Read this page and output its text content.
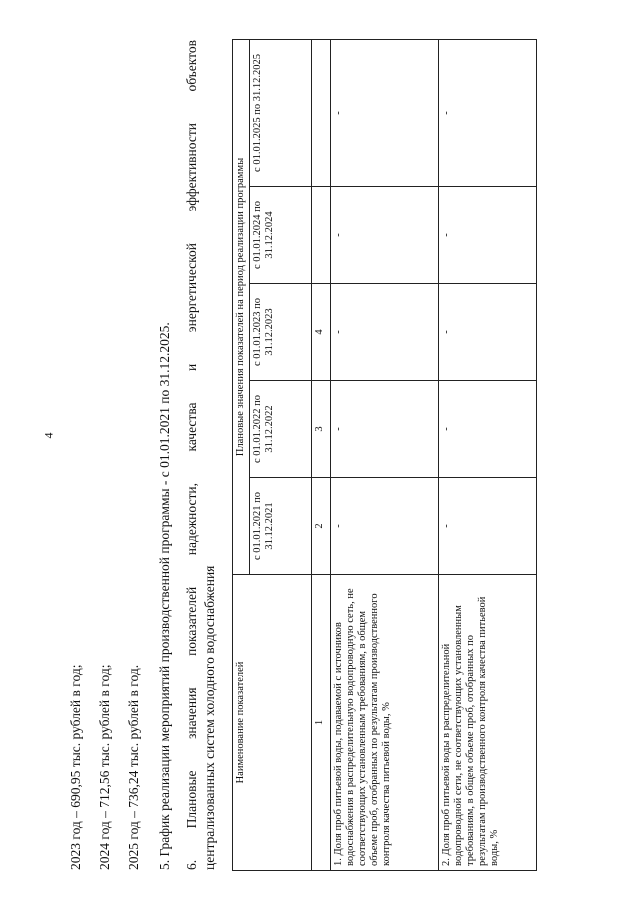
4
2023 год – 690,95 тыс. рублей в год; 2024 год – 712,56 тыс. рублей в год; 2025 год – 736,24 тыс. рублей в год. 5. График реализации мероприятий производственной программы - с 01.01.2021 по 31.12.2025. 6. Плановые значения показателей надежности, качества и энергетической эффективности объектов централизованных систем холодного водоснабжения Наименование показателей	Плановые значения показателей на период реализации программы				
	с 01.01.2021 по 31.12.2021	с 01.01.2022 по 31.12.2022	с 01.01.2023 по 31.12.2023	с 01.01.2024 по 31.12.2024	с 01.01.2025 по 31.12.2025
1	2	3	4		
1. Доля проб питьевой воды, подаваемой с источников водоснабжения в распределительную водопроводную сеть, не соответствующих установленным требованиям, в общем объеме проб, отобранных по результатам производственного контроля качества питьевой воды, %	-	-	-	-	-
2. Доля проб питьевой воды в распределительной водопроводной сети, не соответствующих установленным требованиям, в общем объеме проб, отобранных по результатам производственного контроля качества питьевой воды, %	-	-	-	-	-
